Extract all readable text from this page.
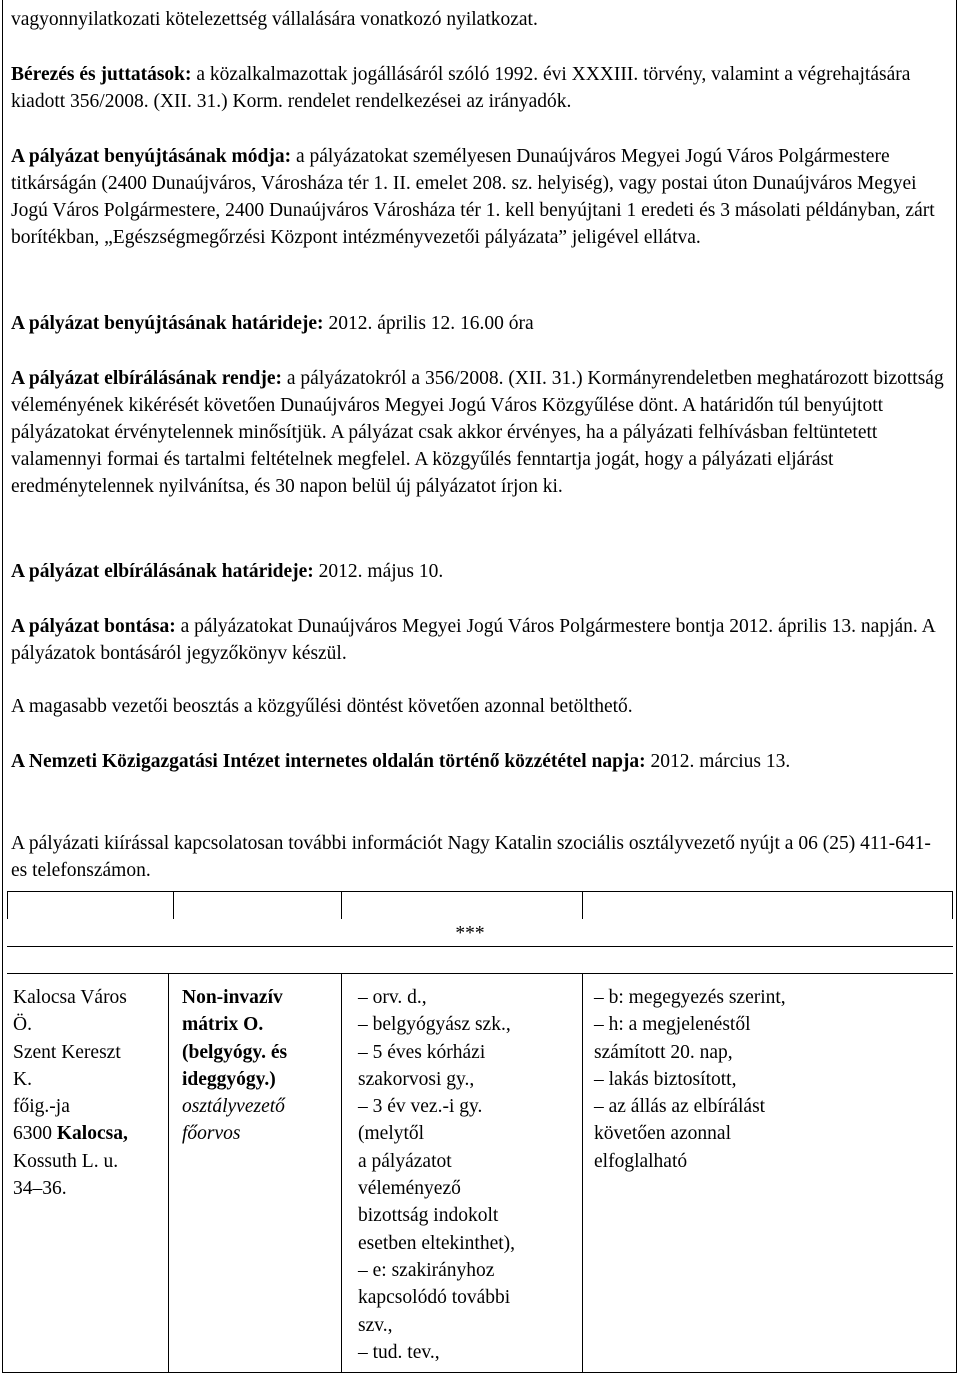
vagyonnyilatkozati kötelezettség vállalására vonatkozó nyilatkozat.

Bérezés és juttatások: a közalkalmazottak jogállásáról szóló 1992. évi XXXIII. törvény, valamint a végrehajtására kiadott 356/2008. (XII. 31.) Korm. rendelet rendelkezései az irányadók.

A pályázat benyújtásának módja: a pályázatokat személyesen Dunaújváros Megyei Jogú Város Polgármestere titkárságán (2400 Dunaújváros, Városháza tér 1. II. emelet 208. sz. helyiség), vagy postai úton Dunaújváros Megyei Jogú Város Polgármestere, 2400 Dunaújváros Városháza tér 1. kell benyújtani 1 eredeti és 3 másolati példányban, zárt borítékban, „Egészségmegőrzési Központ intézményvezetői pályázata” jeligével ellátva.

A pályázat benyújtásának határideje: 2012. április 12. 16.00 óra

A pályázat elbírálásának rendje: a pályázatokról a 356/2008. (XII. 31.) Kormányrendeletben meghatározott bizottság véleményének kikérését követően Dunaújváros Megyei Jogú Város Közgyűlése dönt. A határidőn túl benyújtott pályázatokat érvénytelennek minősítjük. A pályázat csak akkor érvényes, ha a pályázati felhívásban feltüntetett valamennyi formai és tartalmi feltételnek megfelel. A közgyűlés fenntartja jogát, hogy a pályázati eljárást eredménytelennek nyilvánítsa, és 30 napon belül új pályázatot írjon ki.

A pályázat elbírálásának határideje: 2012. május 10.

A pályázat bontása: a pályázatokat Dunaújváros Megyei Jogú Város Polgármestere bontja 2012. április 13. napján. A pályázatok bontásáról jegyzőkönyv készül.

A magasabb vezetői beosztás a közgyűlési döntést követően azonnal betölthető.

A Nemzeti Közigazgatási Intézet internetes oldalán történő közzététel napja: 2012. március 13.

A pályázati kiírással kapcsolatosan további információt Nagy Katalin szociális osztályvezető nyújt a 06 (25) 411-641-es telefonszámon.

***
Kalocsa Város
Ö.
Szent Kereszt
K.
főig.-ja
6300 Kalocsa,
Kossuth L. u.
34–36.
Non-invazív
mátrix O.
(belgyógy. és
ideggyógy.)
osztályvezető
főorvos
– orv. d.,
– belgyógyász szk.,
– 5 éves kórházi
szakorvosi gy.,
– 3 év vez.-i gy.
(melytől
a pályázatot
véleményező
bizottság indokolt
esetben eltekinthet),
– e: szakirányhoz
kapcsolódó további
szv.,
– tud. tev.,
– b: megegyezés szerint,
– h: a megjelenéstől
számított 20. nap,
– lakás biztosított,
– az állás az elbírálást
követően azonnal
elfoglalható
